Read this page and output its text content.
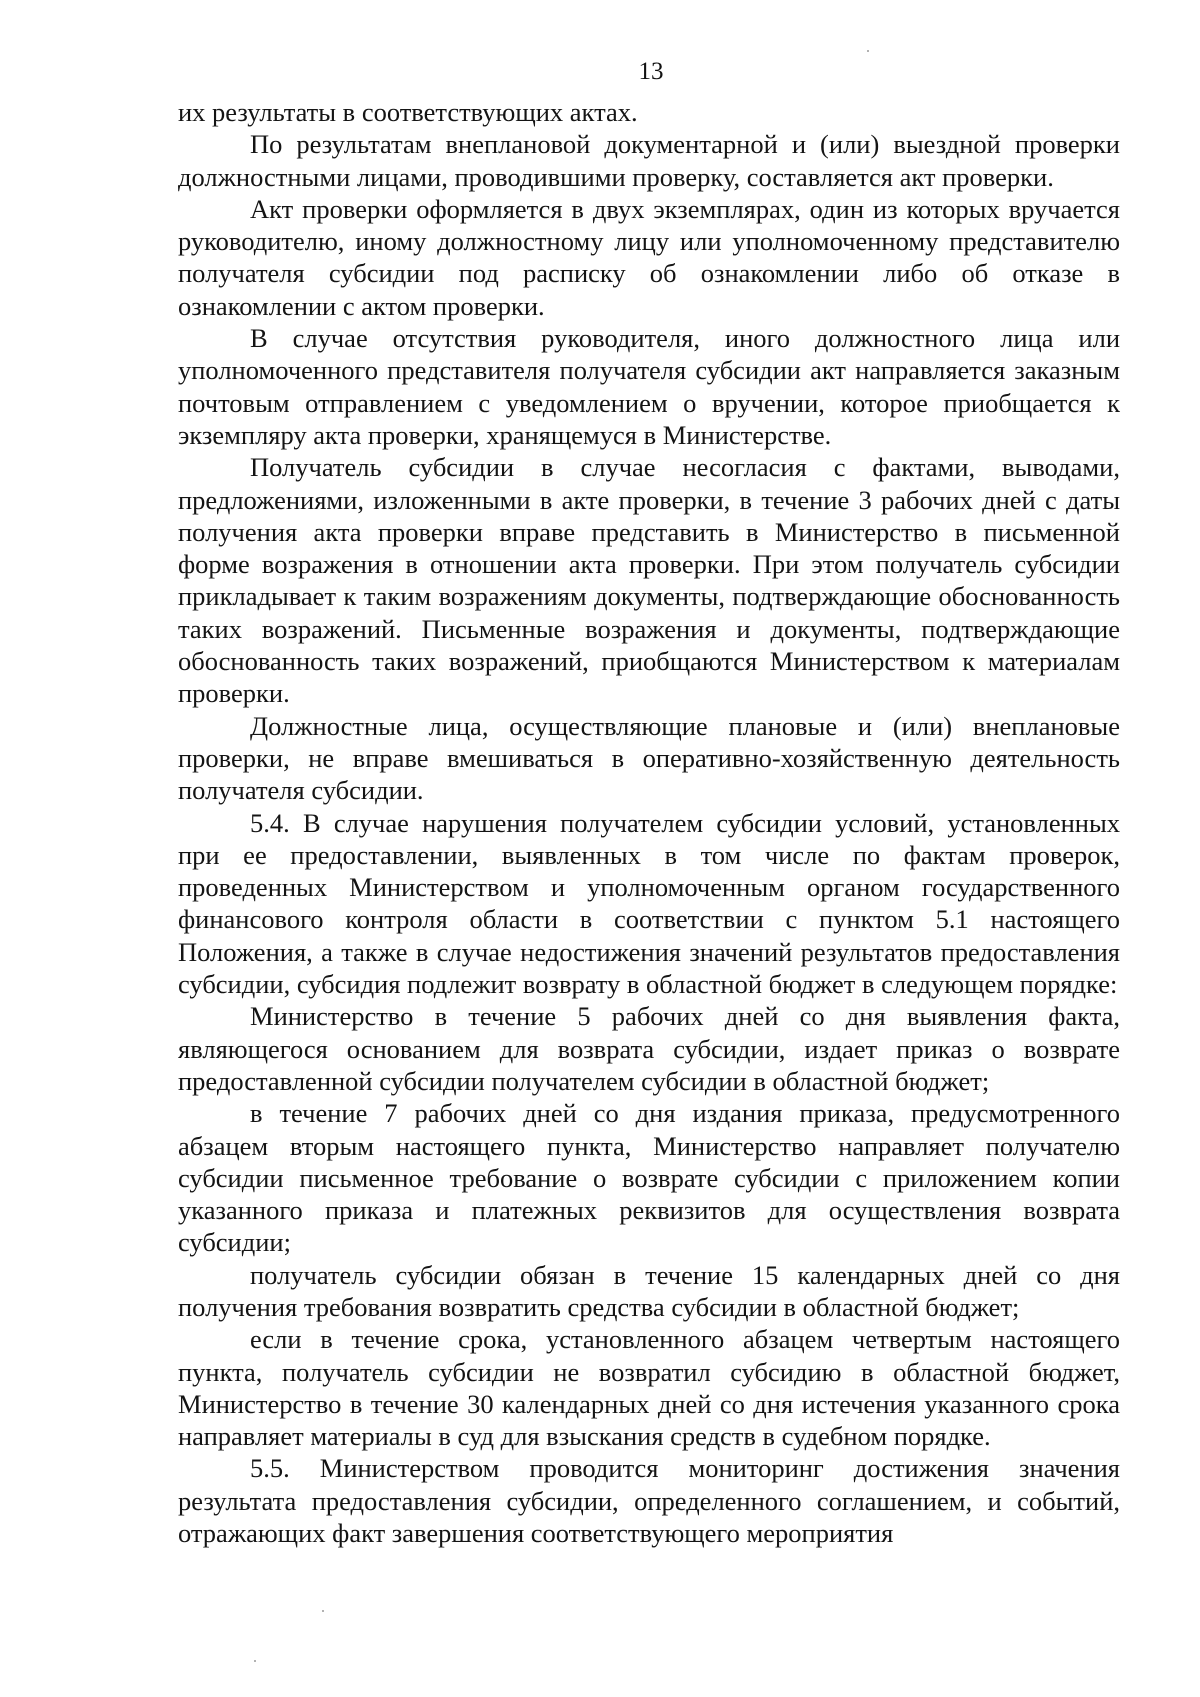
13

их результаты в соответствующих актах.

По результатам внеплановой документарной и (или) выездной проверки должностными лицами, проводившими проверку, составляется акт проверки.

Акт проверки оформляется в двух экземплярах, один из которых вручается руководителю, иному должностному лицу или уполномоченному представителю получателя субсидии под расписку об ознакомлении либо об отказе в ознакомлении с актом проверки.

В случае отсутствия руководителя, иного должностного лица или уполномоченного представителя получателя субсидии акт направляется заказным почтовым отправлением с уведомлением о вручении, которое приобщается к экземпляру акта проверки, хранящемуся в Министерстве.

Получатель субсидии в случае несогласия с фактами, выводами, предложениями, изложенными в акте проверки, в течение 3 рабочих дней с даты получения акта проверки вправе представить в Министерство в письменной форме возражения в отношении акта проверки. При этом получатель субсидии прикладывает к таким возражениям документы, подтверждающие обоснованность таких возражений. Письменные возражения и документы, подтверждающие обоснованность таких возражений, приобщаются Министерством к материалам проверки.

Должностные лица, осуществляющие плановые и (или) внеплановые проверки, не вправе вмешиваться в оперативно-хозяйственную деятельность получателя субсидии.

5.4. В случае нарушения получателем субсидии условий, установленных при ее предоставлении, выявленных в том числе по фактам проверок, проведенных Министерством и уполномоченным органом государственного финансового контроля области в соответствии с пунктом 5.1 настоящего Положения, а также в случае недостижения значений результатов предоставления субсидии, субсидия подлежит возврату в областной бюджет в следующем порядке:

Министерство в течение 5 рабочих дней со дня выявления факта, являющегося основанием для возврата субсидии, издает приказ о возврате предоставленной субсидии получателем субсидии в областной бюджет;

в течение 7 рабочих дней со дня издания приказа, предусмотренного абзацем вторым настоящего пункта, Министерство направляет получателю субсидии письменное требование о возврате субсидии с приложением копии указанного приказа и платежных реквизитов для осуществления возврата субсидии;

получатель субсидии обязан в течение 15 календарных дней со дня получения требования возвратить средства субсидии в областной бюджет;

если в течение срока, установленного абзацем четвертым настоящего пункта, получатель субсидии не возвратил субсидию в областной бюджет, Министерство в течение 30 календарных дней со дня истечения указанного срока направляет материалы в суд для взыскания средств в судебном порядке.

5.5. Министерством проводится мониторинг достижения значения результата предоставления субсидии, определенного соглашением, и событий, отражающих факт завершения соответствующего мероприятия
